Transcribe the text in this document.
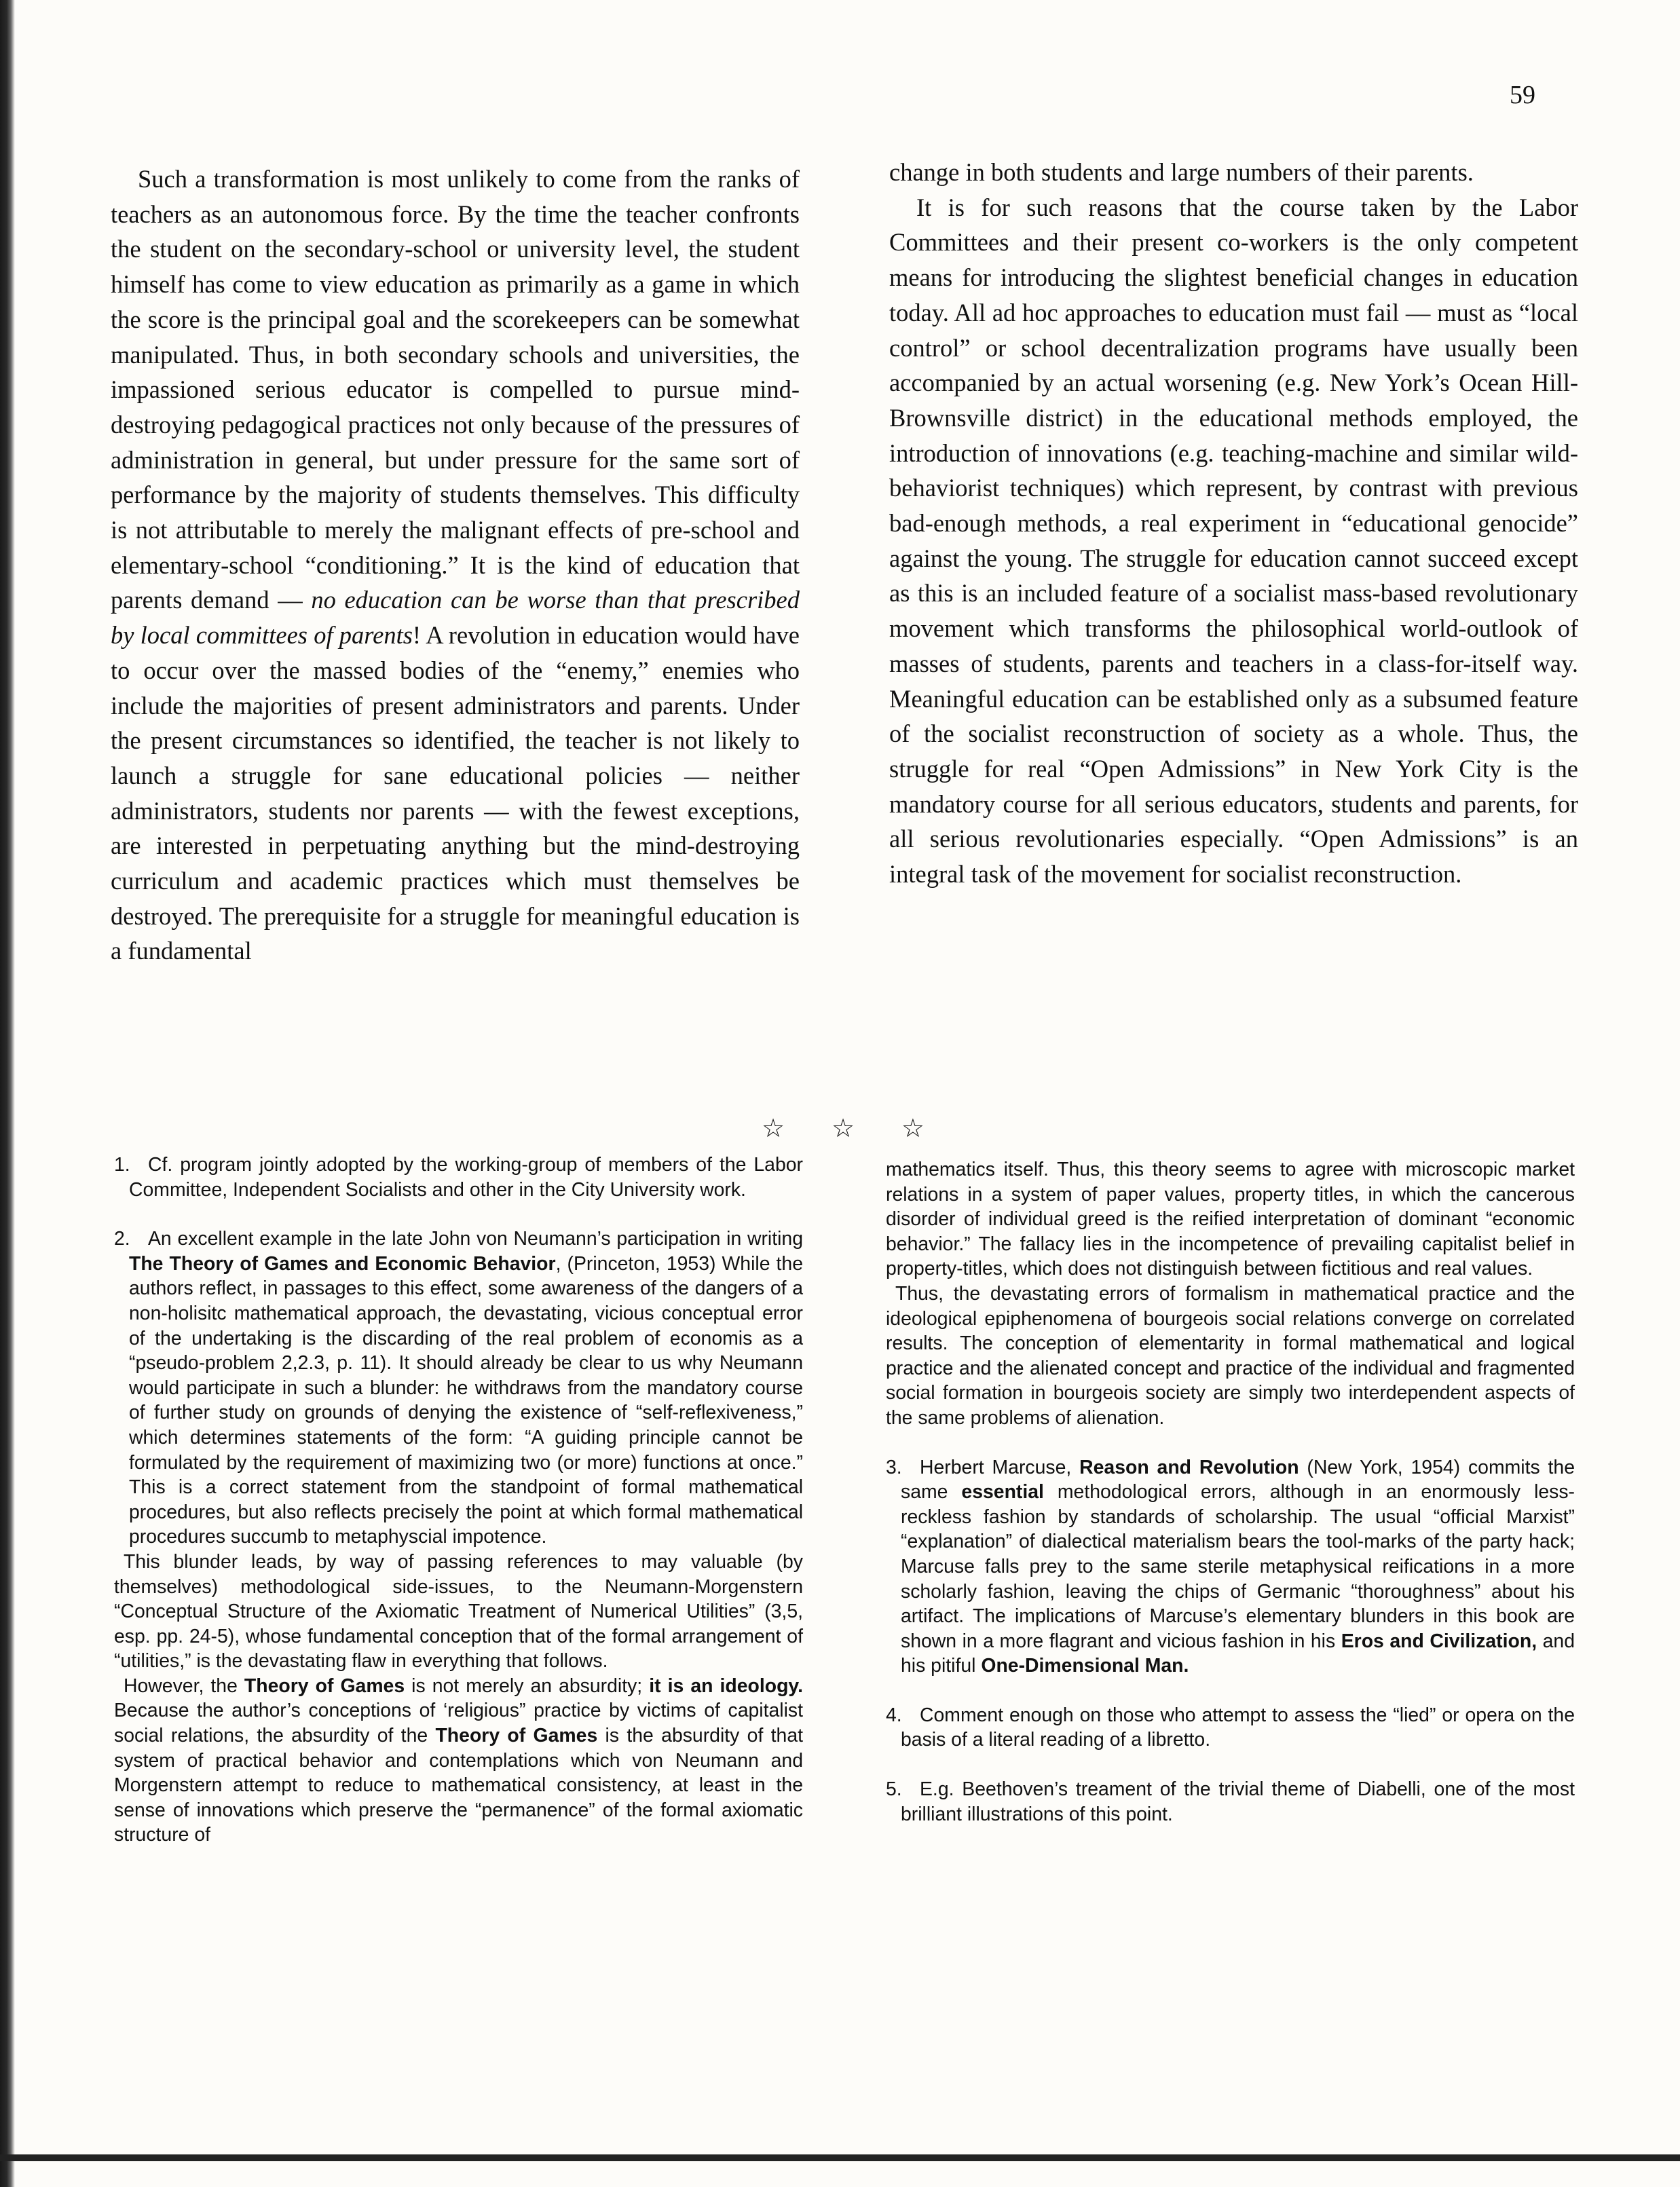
59

Such a transformation is most unlikely to come from the ranks of teachers as an autonomous force. By the time the teacher confronts the student on the secondary-school or university level, the student himself has come to view education as primarily as a game in which the score is the principal goal and the scorekeepers can be somewhat manipulated. Thus, in both secondary schools and universities, the impassioned serious educator is compelled to pursue mind-destroying pedagogical practices not only because of the pressures of administration in general, but under pressure for the same sort of performance by the majority of students themselves. This difficulty is not attributable to merely the malignant effects of pre-school and elementary-school “conditioning.” It is the kind of education that parents demand — no education can be worse than that prescribed by local committees of parents! A revolution in education would have to occur over the massed bodies of the “enemy,” enemies who include the majorities of present administrators and parents. Under the present circumstances so identified, the teacher is not likely to launch a struggle for sane educational policies — neither administrators, students nor parents — with the fewest exceptions, are interested in perpetuating anything but the mind-destroying curriculum and academic practices which must themselves be destroyed. The prerequisite for a struggle for meaningful education is a fundamental

change in both students and large numbers of their parents.

It is for such reasons that the course taken by the Labor Committees and their present co-workers is the only competent means for introducing the slightest beneficial changes in education today. All ad hoc approaches to education must fail — must as “local control” or school decentralization programs have usually been accompanied by an actual worsening (e.g. New York’s Ocean Hill-Brownsville district) in the educational methods employed, the introduction of innovations (e.g. teaching-machine and similar wild-behaviorist techniques) which represent, by contrast with previous bad-enough methods, a real experiment in “educational genocide” against the young. The struggle for education cannot succeed except as this is an included feature of a socialist mass-based revolutionary movement which transforms the philosophical world-outlook of masses of students, parents and teachers in a class-for-itself way. Meaningful education can be established only as a subsumed feature of the socialist reconstruction of society as a whole. Thus, the struggle for real “Open Admissions” in New York City is the mandatory course for all serious educators, students and parents, for all serious revolutionaries especially. “Open Admissions” is an integral task of the movement for socialist reconstruction.

☆ ☆ ☆

1. Cf. program jointly adopted by the working-group of members of the Labor Committee, Independent Socialists and other in the City University work.

2. An excellent example in the late John von Neumann’s participation in writing The Theory of Games and Economic Behavior, (Princeton, 1953) While the authors reflect, in passages to this effect, some awareness of the dangers of a non-holisitc mathematical approach, the devastating, vicious conceptual error of the undertaking is the discarding of the real problem of economis as a “pseudo-problem 2,2.3, p. 11). It should already be clear to us why Neumann would participate in such a blunder: he withdraws from the mandatory course of further study on grounds of denying the existence of “self-reflexiveness,” which determines statements of the form: “A guiding principle cannot be formulated by the requirement of maximizing two (or more) functions at once.” This is a correct statement from the standpoint of formal mathematical procedures, but also reflects precisely the point at which formal mathematical procedures succumb to metaphyscial impotence.

This blunder leads, by way of passing references to may valuable (by themselves) methodological side-issues, to the Neumann-Morgenstern “Conceptual Structure of the Axiomatic Treatment of Numerical Utilities” (3,5, esp. pp. 24-5), whose fundamental conception that of the formal arrangement of “utilities,” is the devastating flaw in everything that follows.

However, the Theory of Games is not merely an absurdity; it is an ideology. Because the author’s conceptions of ‘religious” practice by victims of capitalist social relations, the absurdity of the Theory of Games is the absurdity of that system of practical behavior and contemplations which von Neumann and Morgenstern attempt to reduce to mathematical consistency, at least in the sense of innovations which preserve the “permanence” of the formal axiomatic structure of

mathematics itself. Thus, this theory seems to agree with microscopic market relations in a system of paper values, property titles, in which the cancerous disorder of individual greed is the reified interpretation of dominant “economic behavior.” The fallacy lies in the incompetence of prevailing capitalist belief in property-titles, which does not distinguish between fictitious and real values.

Thus, the devastating errors of formalism in mathematical practice and the ideological epiphenomena of bourgeois social relations converge on correlated results. The conception of elementarity in formal mathematical and logical practice and the alienated concept and practice of the individual and fragmented social formation in bourgeois society are simply two interdependent aspects of the same problems of alienation.

3. Herbert Marcuse, Reason and Revolution (New York, 1954) commits the same essential methodological errors, although in an enormously less-reckless fashion by standards of scholarship. The usual “official Marxist” “explanation” of dialectical materialism bears the tool-marks of the party hack; Marcuse falls prey to the same sterile metaphysical reifications in a more scholarly fashion, leaving the chips of Germanic “thoroughness” about his artifact. The implications of Marcuse’s elementary blunders in this book are shown in a more flagrant and vicious fashion in his Eros and Civilization, and his pitiful One-Dimensional Man.

4. Comment enough on those who attempt to assess the “lied” or opera on the basis of a literal reading of a libretto.

5. E.g. Beethoven’s treament of the trivial theme of Diabelli, one of the most brilliant illustrations of this point.
